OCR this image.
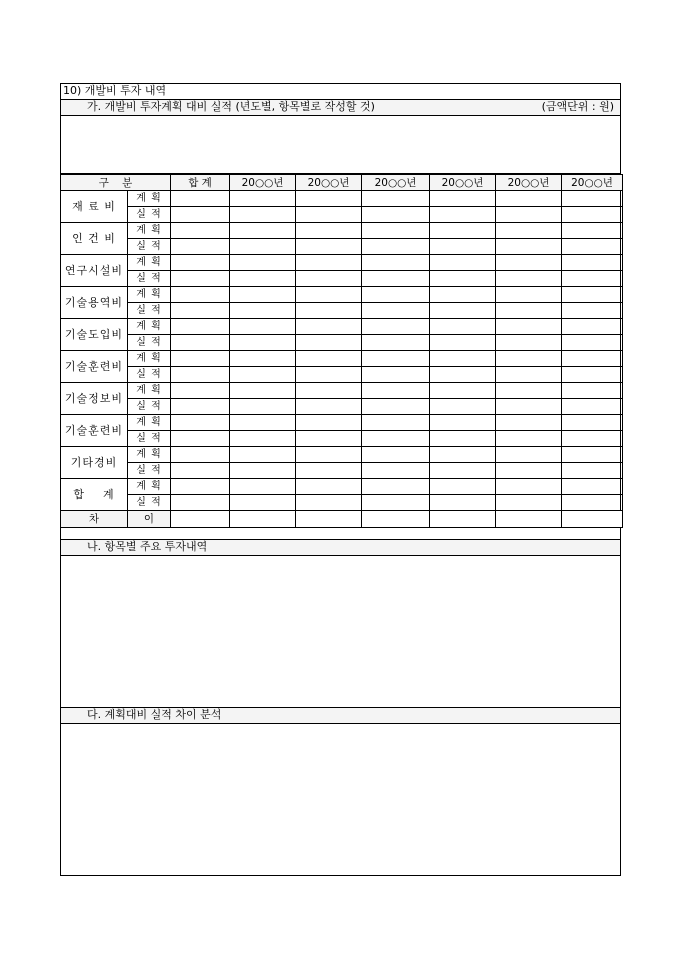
10) 개발비 투자 내역
가. 개발비 투자계획 대비 실적 (년도별, 항목별로 작성할 것)	(금액단위 : 원)
구    분		합 계	20○○년	20○○년	20○○년	20○○년	20○○년	20○○년
재 료 비	계 획							
	실 적							
인 건 비	계 획							
	실 적							
연구시설비	계 획							
	실 적							
기술용역비	계 획							
	실 적							
기술도입비	계 획							
	실 적							
기술훈련비	계 획							
	실 적							
기술정보비	계 획							
	실 적							
기술훈련비	계 획							
	실 적							
기타경비	계 획							
	실 적							
합    계	계 획							
	실 적							
차	이							
나. 항목별 주요 투자내역
다. 계획대비 실적 차이 분석
